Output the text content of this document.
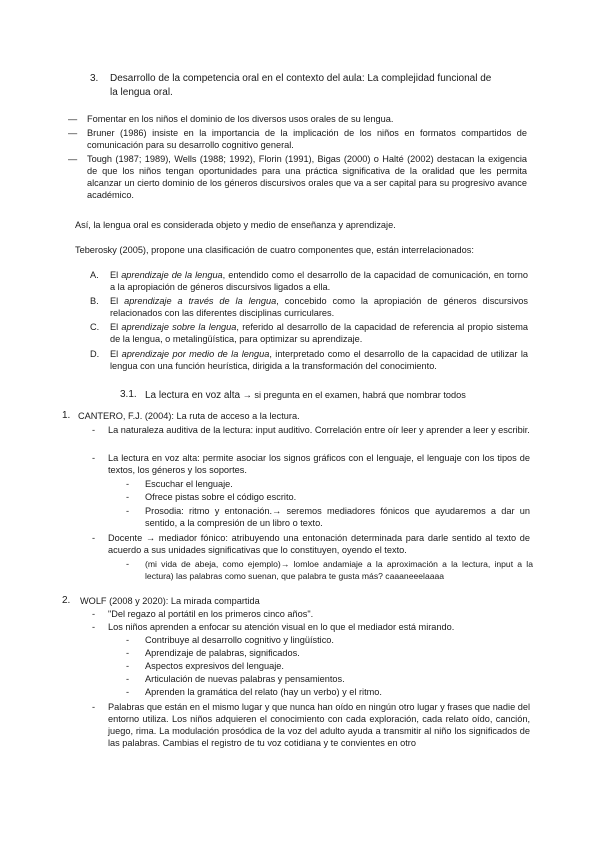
3. Desarrollo de la competencia oral en el contexto del aula: La complejidad funcional de
la lengua oral.
— Fomentar en los niños el dominio de los diversos usos orales de su lengua.
— Bruner (1986) insiste en la importancia de la implicación de los niños en formatos compartidos de comunicación para su desarrollo cognitivo general.
— Tough (1987; 1989), Wells (1988; 1992), Florin (1991), Bigas (2000) o Halté (2002) destacan la exigencia de que los niños tengan oportunidades para una práctica significativa de la oralidad que les permita alcanzar un cierto dominio de los géneros discursivos orales que va a ser capital para su progresivo avance académico.
Así, la lengua oral es considerada objeto y medio de enseñanza y aprendizaje.
Teberosky (2005), propone una clasificación de cuatro componentes que, están interrelacionados:
A. El aprendizaje de la lengua, entendido como el desarrollo de la capacidad de comunicación, en torno a la apropiación de géneros discursivos ligados a ella.
B. El aprendizaje a través de la lengua, concebido como la apropiación de géneros discursivos relacionados con las diferentes disciplinas curriculares.
C. El aprendizaje sobre la lengua, referido al desarrollo de la capacidad de referencia al propio sistema de la lengua, o metalingüística, para optimizar su aprendizaje.
D. El aprendizaje por medio de la lengua, interpretado como el desarrollo de la capacidad de utilizar la lengua con una función heurística, dirigida a la transformación del conocimiento.
3.1. La lectura en voz alta → si pregunta en el examen, habrá que nombrar todos
1. CANTERO, F.J. (2004): La ruta de acceso a la lectura.
- La naturaleza auditiva de la lectura: input auditivo. Correlación entre oír leer y aprender a leer y escribir.
- La lectura en voz alta: permite asociar los signos gráficos con el lenguaje, el lenguaje con los tipos de textos, los géneros y los soportes.
- Escuchar el lenguaje.
- Ofrece pistas sobre el código escrito.
- Prosodia: ritmo y entonación.→ seremos mediadores fónicos que ayudaremos a dar un sentido, a la compresión de un libro o texto.
- Docente → mediador fónico: atribuyendo una entonación determinada para darle sentido al texto de acuerdo a sus unidades significativas que lo constituyen, oyendo el texto.
- (mi vida de abeja, como ejemplo)→ lomloe andamiaje a la aproximación a la lectura, input a la lectura) las palabras como suenan, que palabra te gusta más? caaaneeelaaaa
2. WOLF (2008 y 2020): La mirada compartida
- "Del regazo al portátil en los primeros cinco años".
- Los niños aprenden a enfocar su atención visual en lo que el mediador está mirando.
- Contribuye al desarrollo cognitivo y lingüístico.
- Aprendizaje de palabras, significados.
- Aspectos expresivos del lenguaje.
- Articulación de nuevas palabras y pensamientos.
- Aprenden la gramática del relato (hay un verbo) y el ritmo.
- Palabras que están en el mismo lugar y que nunca han oído en ningún otro lugar y frases que nadie del entorno utiliza. Los niños adquieren el conocimiento con cada exploración, cada relato oído, canción, juego, rima. La modulación prosódica de la voz del adulto ayuda a transmitir al niño los significados de las palabras. Cambias el registro de tu voz cotidiana y te convientes en otro
